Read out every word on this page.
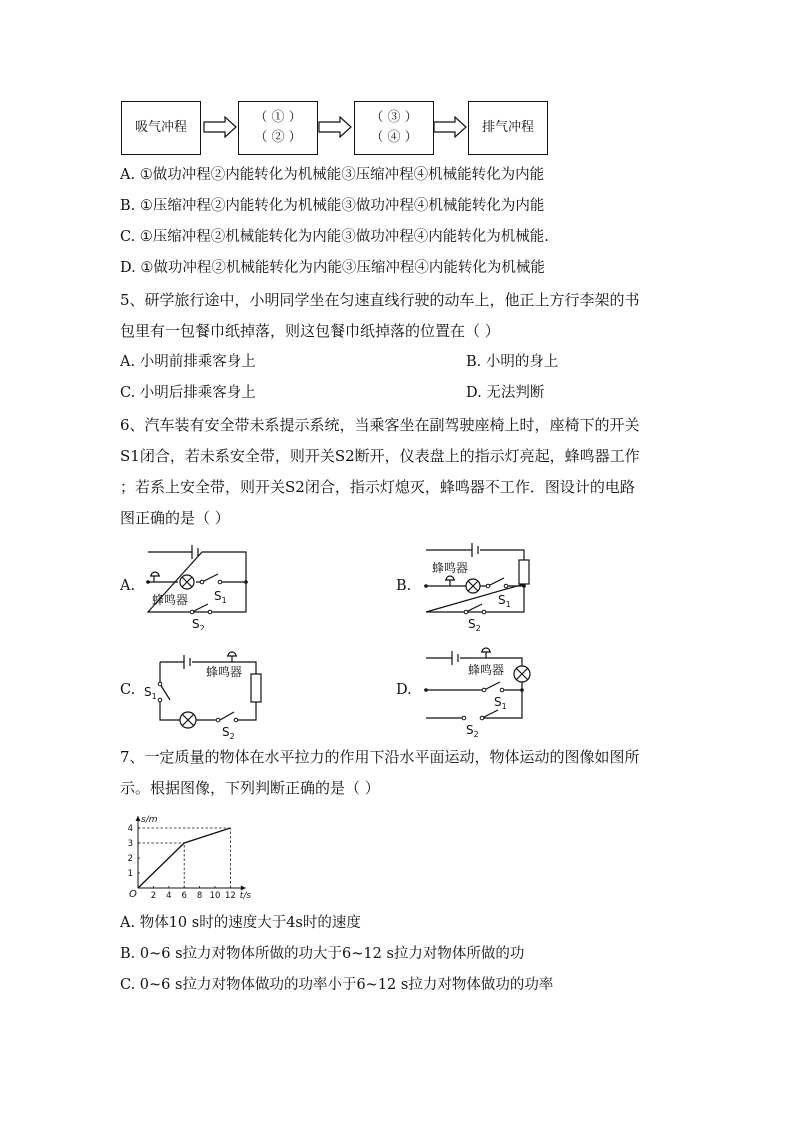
吸气冲程
（ ① ）
（ ② ）
（ ③ ）
（ ④ ）
排气冲程
A. ①做功冲程②内能转化为机械能③压缩冲程④机械能转化为内能
B. ①压缩冲程②内能转化为机械能③做功冲程④机械能转化为内能
C. ①压缩冲程②机械能转化为内能③做功冲程④内能转化为机械能.
D. ①做功冲程②机械能转化为内能③压缩冲程④内能转化为机械能
5、研学旅行途中，小明同学坐在匀速直线行驶的动车上，他正上方行李架的书
包里有一包餐巾纸掉落，则这包餐巾纸掉落的位置在（ ）
A. 小明前排乘客身上	B. 小明的身上
C. 小明后排乘客身上	D. 无法判断
6、汽车装有安全带未系提示系统，当乘客坐在副驾驶座椅上时，座椅下的开关
S1闭合，若未系安全带，则开关S2断开，仪表盘上的指示灯亮起，蜂鸣器工作
；若系上安全带，则开关S2闭合，指示灯熄灭，蜂鸣器不工作．图设计的电路
图正确的是（ ）
A.
蜂鸣器 $S_1$
$S_2$
B.
蜂鸣器
$S_1$
$S_2$
C.
蜂鸣器
$S_1$
$S_2$
D.
蜂鸣器
$S_1$
$S_2$
7、一定质量的物体在水平拉力的作用下沿水平面运动，物体运动的图像如图所
示。根据图像，下列判断正确的是（ ）
s/m
t/s
O 2 4 6 8 10 12
1
2
3
4
A. 物体10 s时的速度大于4s时的速度
B. 0~6 s拉力对物体所做的功大于6~12 s拉力对物体所做的功
C. 0~6 s拉力对物体做功的功率小于6~12 s拉力对物体做功的功率
